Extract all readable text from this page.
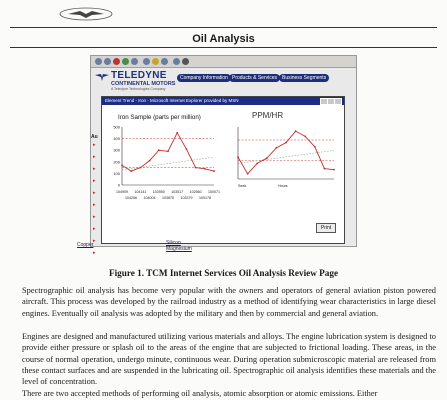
Oil Analysis
TELEDYNE
CONTINENTAL MOTORS
A Teledyne Technologies Company
Company Information Products & Services Business Segments
Au
▸
▸
▸
▸
▸
▸
▸
▸
▸
▸
Element Trend - Iron - Microsoft Internet Explorer provided by MSN
Iron Sample (parts per million)
0
100
200
300
400
500
104909 104141 103950 103517 102560 100071
104256 104004 103875 103379 100178
PPM/HR
Seek.	Hours
Print
Copper	Silicon
Magnesium
Figure 1. TCM Internet Services Oil Analysis Review Page
Spectrographic oil analysis has become very popular with the owners and operators of general aviation piston powered aircraft. This process was developed by the railroad industry as a method of identifying wear characteristics in large diesel engines. Eventually oil analysis was adopted by the military and then by commercial and general aviation.
Engines are designed and manufactured utilizing various materials and alloys. The engine lubrication system is designed to provide either pressure or splash oil to the areas of the engine that are subjected to frictional loading. These areas, in the course of normal operation, undergo minute, continuous wear. During operation submicroscopic material are released from these contact surfaces and are suspended in the lubricating oil. Spectrographic oil analysis identifies these materials and the level of concentration.
There are two accepted methods of performing oil analysis, atomic absorption or atomic emissions. Either
